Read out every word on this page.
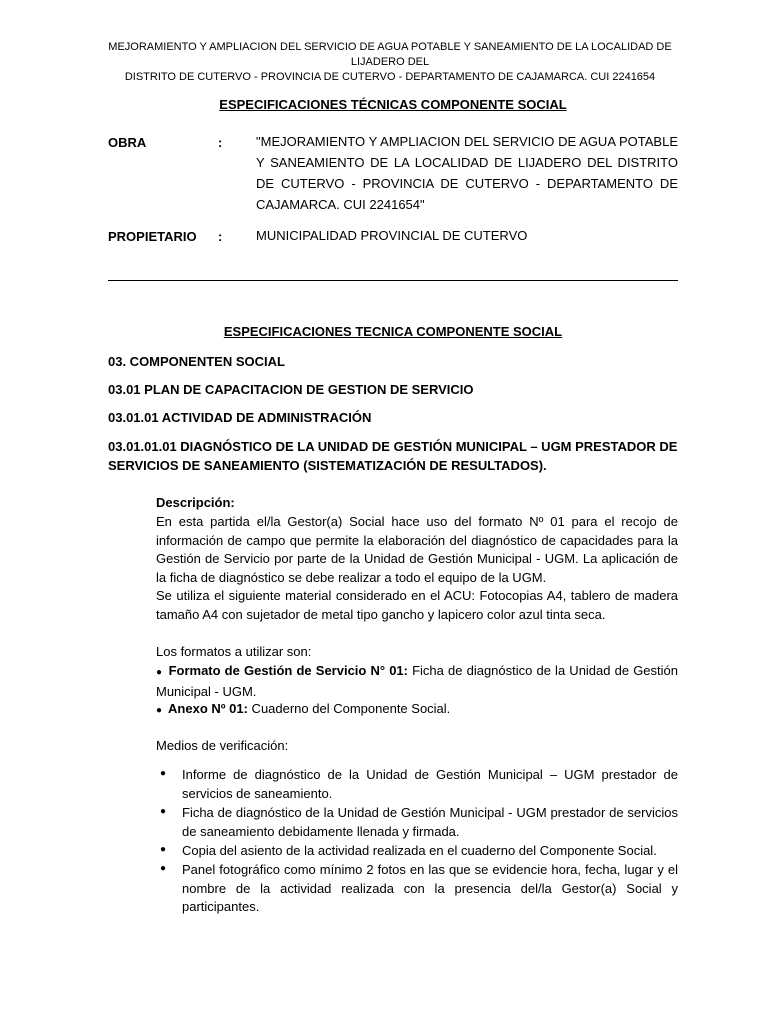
MEJORAMIENTO Y AMPLIACION DEL SERVICIO DE AGUA POTABLE Y SANEAMIENTO DE LA LOCALIDAD DE LIJADERO DEL
DISTRITO DE CUTERVO - PROVINCIA DE CUTERVO - DEPARTAMENTO DE CAJAMARCA. CUI 2241654
ESPECIFICACIONES TÉCNICAS COMPONENTE SOCIAL
OBRA	:	"MEJORAMIENTO Y AMPLIACION DEL SERVICIO DE AGUA POTABLE Y SANEAMIENTO DE LA LOCALIDAD DE LIJADERO DEL DISTRITO DE CUTERVO - PROVINCIA DE CUTERVO - DEPARTAMENTO DE CAJAMARCA. CUI 2241654"
PROPIETARIO :	MUNICIPALIDAD PROVINCIAL DE CUTERVO
ESPECIFICACIONES TECNICA COMPONENTE SOCIAL
03. COMPONENTEN SOCIAL
03.01 PLAN DE CAPACITACION DE GESTION DE SERVICIO
03.01.01 ACTIVIDAD DE ADMINISTRACIÓN
03.01.01.01 DIAGNÓSTICO DE LA UNIDAD DE GESTIÓN MUNICIPAL – UGM PRESTADOR DE SERVICIOS DE SANEAMIENTO (SISTEMATIZACIÓN DE RESULTADOS).
Descripción:
En esta partida el/la Gestor(a) Social hace uso del formato Nº 01 para el recojo de información de campo que permite la elaboración del diagnóstico de capacidades para la Gestión de Servicio por parte de la Unidad de Gestión Municipal - UGM. La aplicación de la ficha de diagnóstico se debe realizar a todo el equipo de la UGM.
Se utiliza el siguiente material considerado en el ACU: Fotocopias A4, tablero de madera tamaño A4 con sujetador de metal tipo gancho y lapicero color azul tinta seca.
Los formatos a utilizar son:
● Formato de Gestión de Servicio N° 01: Ficha de diagnóstico de la Unidad de Gestión Municipal - UGM.
● Anexo Nº 01: Cuaderno del Componente Social.
Medios de verificación:
● Informe de diagnóstico de la Unidad de Gestión Municipal – UGM prestador de servicios de saneamiento.
● Ficha de diagnóstico de la Unidad de Gestión Municipal - UGM prestador de servicios de saneamiento debidamente llenada y firmada.
● Copia del asiento de la actividad realizada en el cuaderno del Componente Social.
● Panel fotográfico como mínimo 2 fotos en las que se evidencie hora, fecha, lugar y el nombre de la actividad realizada con la presencia del/la Gestor(a) Social y participantes.
